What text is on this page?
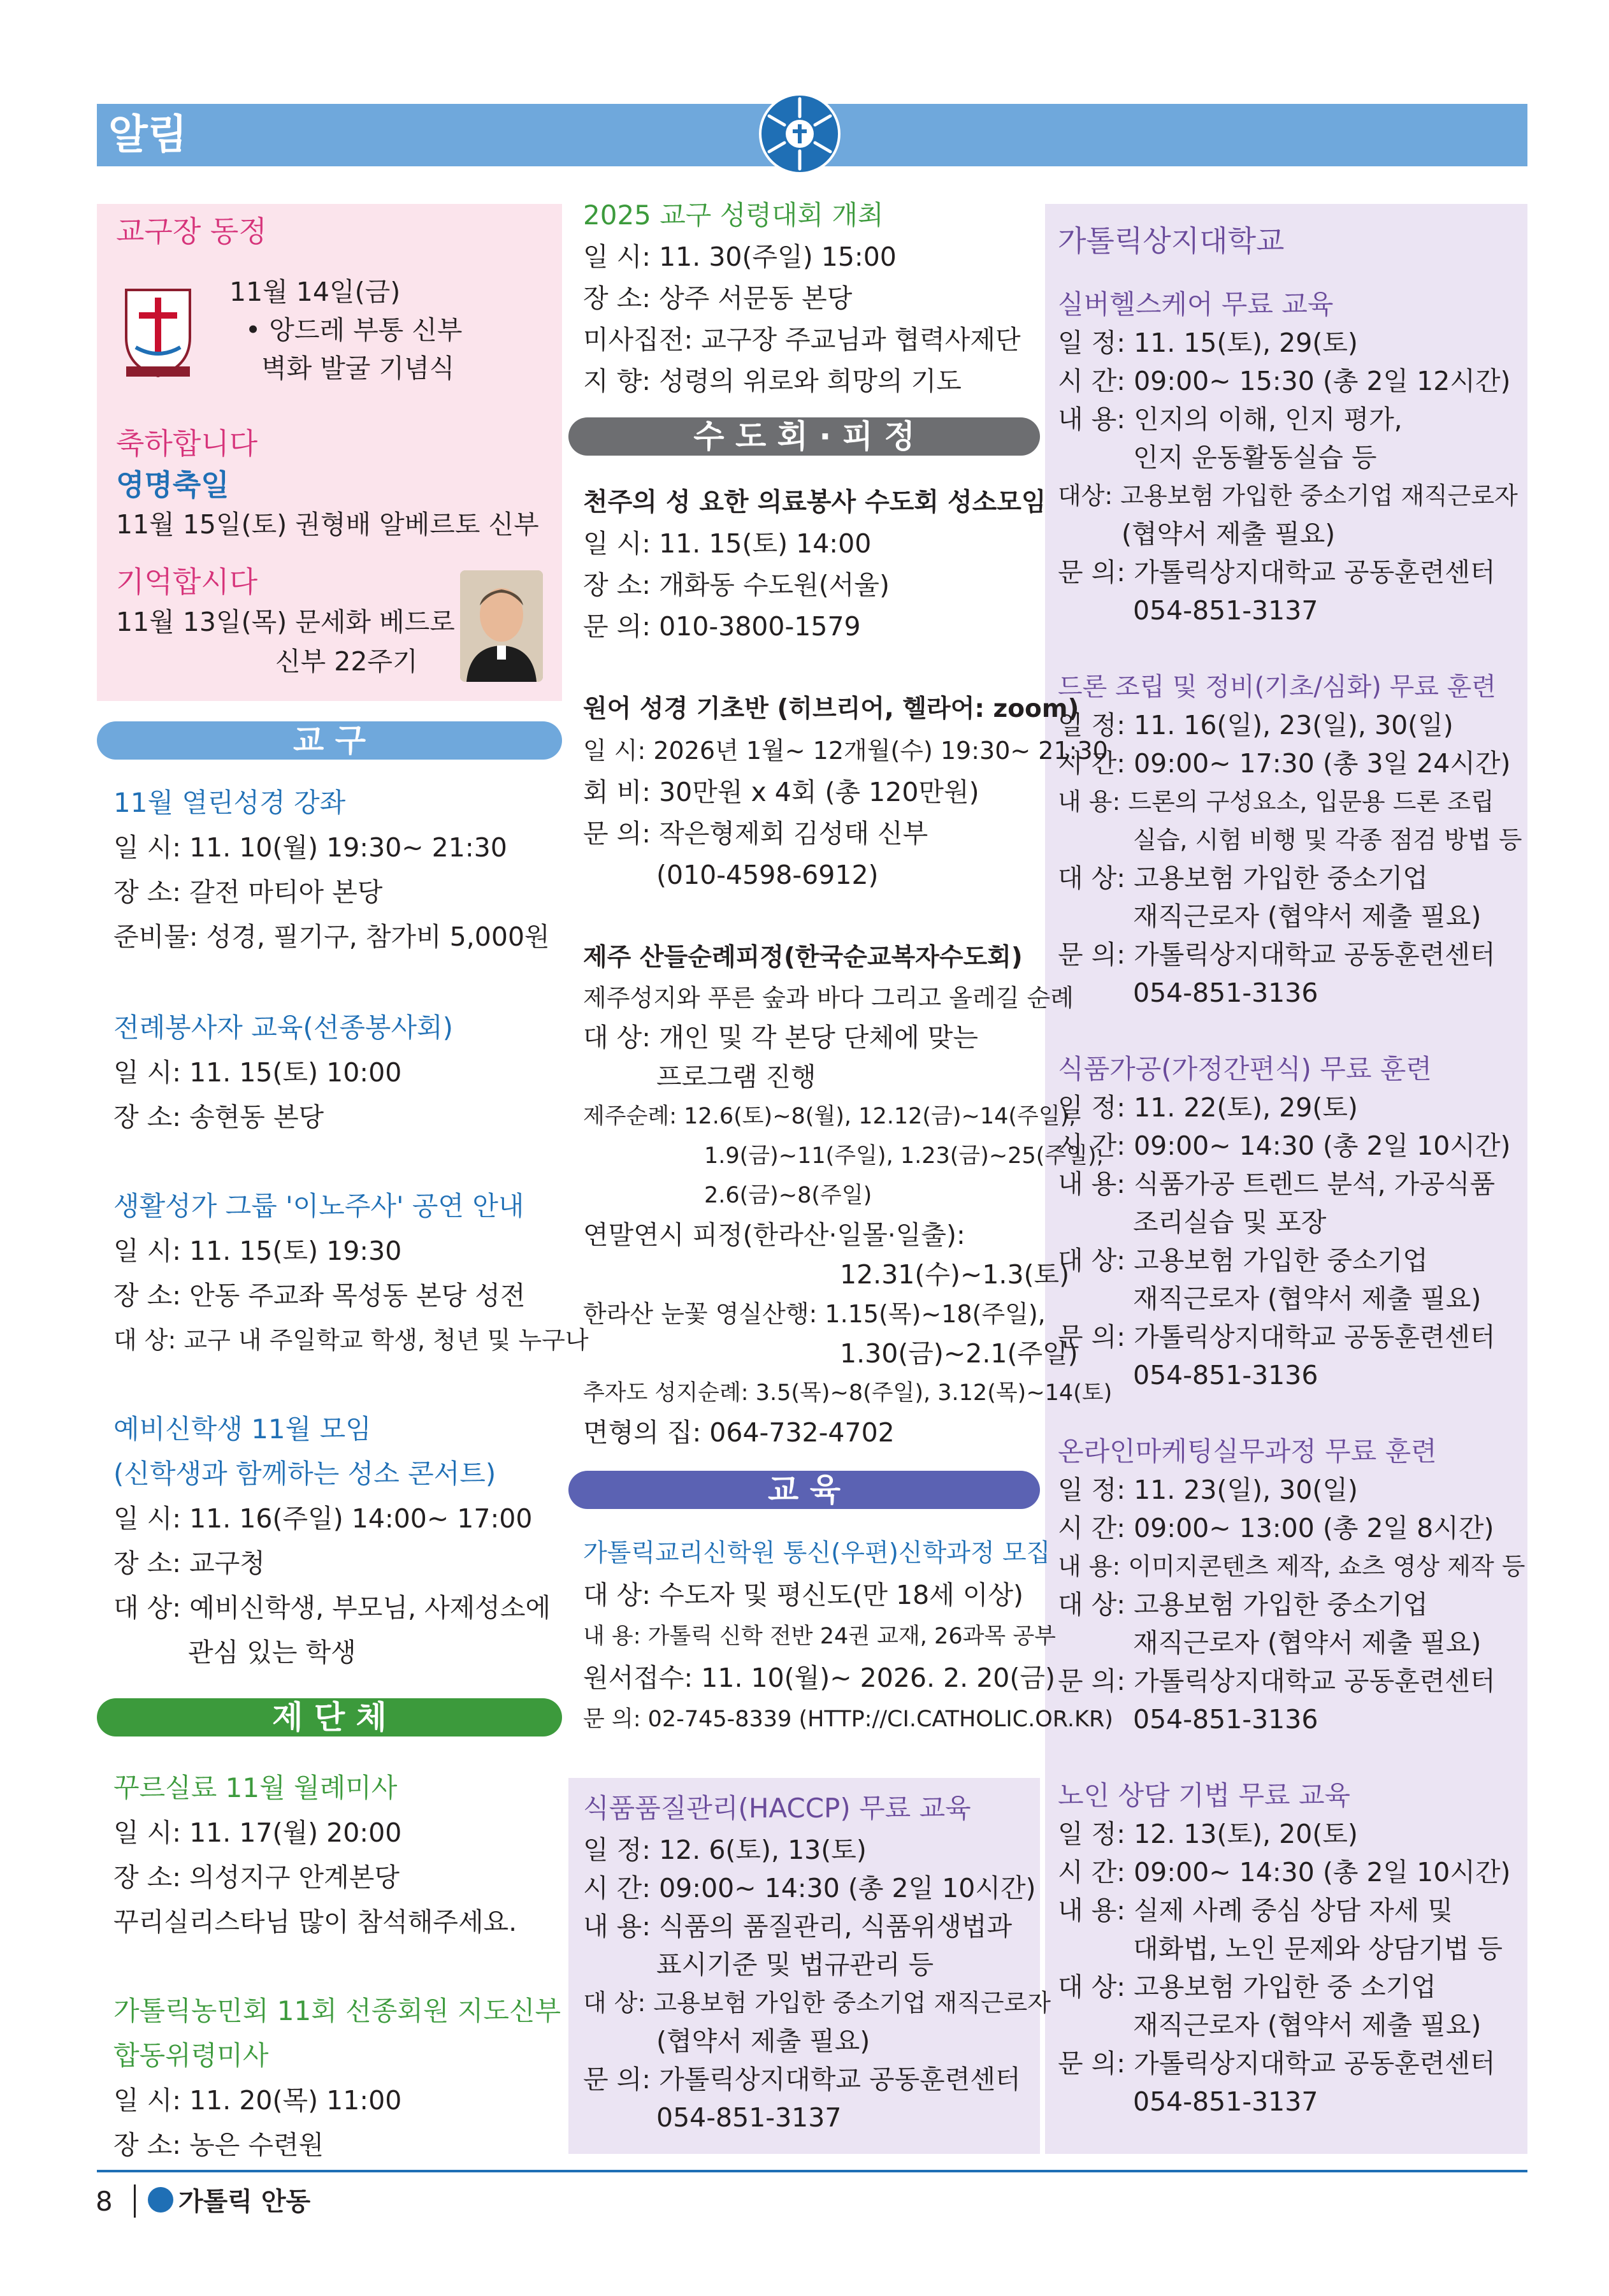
알림
교구장 동정
11월 14일(금)
• 앙드레 부통 신부
벽화 발굴 기념식
축하합니다
영명축일
11월 15일(토) 권형배 알베르토 신부
기억합시다
11월 13일(목) 문세화 베드로
신부 22주기
교 구
11월 열린성경 강좌
일 시: 11. 10(월) 19:30~ 21:30
장 소: 갈전 마티아 본당
준비물: 성경, 필기구, 참가비 5,000원
전례봉사자 교육(선종봉사회)
일 시: 11. 15(토) 10:00
장 소: 송현동 본당
생활성가 그룹 '이노주사' 공연 안내
일 시: 11. 15(토) 19:30
장 소: 안동 주교좌 목성동 본당 성전
대 상: 교구 내 주일학교 학생, 청년 및 누구나
예비신학생 11월 모임
(신학생과 함께하는 성소 콘서트)
일 시: 11. 16(주일) 14:00~ 17:00
장 소: 교구청
대 상: 예비신학생, 부모님, 사제성소에
관심 있는 학생
제 단 체
꾸르실료 11월 월례미사
일 시: 11. 17(월) 20:00
장 소: 의성지구 안계본당
꾸리실리스타님 많이 참석해주세요.
가톨릭농민회 11회 선종회원 지도신부
합동위령미사
일 시: 11. 20(목) 11:00
장 소: 농은 수련원
2025 교구 성령대회 개최
일 시: 11. 30(주일) 15:00
장 소: 상주 서문동 본당
미사집전: 교구장 주교님과 협력사제단
지 향: 성령의 위로와 희망의 기도
수 도 회 · 피 정
천주의 성 요한 의료봉사 수도회 성소모임
일 시: 11. 15(토) 14:00
장 소: 개화동 수도원(서울)
문 의: 010-3800-1579
원어 성경 기초반 (히브리어, 헬라어: zoom)
일 시: 2026년 1월~ 12개월(수) 19:30~ 21:30
회 비: 30만원 x 4회 (총 120만원)
문 의: 작은형제회 김성태 신부
(010-4598-6912)
제주 산들순례피정(한국순교복자수도회)
제주성지와 푸른 숲과 바다 그리고 올레길 순례
대 상: 개인 및 각 본당 단체에 맞는
프로그램 진행
제주순례: 12.6(토)~8(월), 12.12(금)~14(주일),
1.9(금)~11(주일), 1.23(금)~25(주일),
2.6(금)~8(주일)
연말연시 피정(한라산·일몰·일출):
12.31(수)~1.3(토)
한라산 눈꽃 영실산행: 1.15(목)~18(주일),
1.30(금)~2.1(주일)
추자도 성지순례: 3.5(목)~8(주일), 3.12(목)~14(토)
면형의 집: 064-732-4702
교 육
가톨릭교리신학원 통신(우편)신학과정 모집
대 상: 수도자 및 평신도(만 18세 이상)
내 용: 가톨릭 신학 전반 24권 교재, 26과목 공부
원서접수: 11. 10(월)~ 2026. 2. 20(금)
문 의: 02-745-8339 (HTTP://CI.CATHOLIC.OR.KR)
식품품질관리(HACCP) 무료 교육
일 정: 12. 6(토), 13(토)
시 간: 09:00~ 14:30 (총 2일 10시간)
내 용: 식품의 품질관리, 식품위생법과
표시기준 및 법규관리 등
대 상: 고용보험 가입한 중소기업 재직근로자
(협약서 제출 필요)
문 의: 가톨릭상지대학교 공동훈련센터
054-851-3137
가톨릭상지대학교
실버헬스케어 무료 교육
일 정: 11. 15(토), 29(토)
시 간: 09:00~ 15:30 (총 2일 12시간)
내 용: 인지의 이해, 인지 평가,
인지 운동활동실습 등
대상: 고용보험 가입한 중소기업 재직근로자
(협약서 제출 필요)
문 의: 가톨릭상지대학교 공동훈련센터
054-851-3137
드론 조립 및 정비(기초/심화) 무료 훈련
일 정: 11. 16(일), 23(일), 30(일)
시 간: 09:00~ 17:30 (총 3일 24시간)
내 용: 드론의 구성요소, 입문용 드론 조립
실습, 시험 비행 및 각종 점검 방법 등
대 상: 고용보험 가입한 중소기업
재직근로자 (협약서 제출 필요)
문 의: 가톨릭상지대학교 공동훈련센터
054-851-3136
식품가공(가정간편식) 무료 훈련
일 정: 11. 22(토), 29(토)
시 간: 09:00~ 14:30 (총 2일 10시간)
내 용: 식품가공 트렌드 분석, 가공식품
조리실습 및 포장
대 상: 고용보험 가입한 중소기업
재직근로자 (협약서 제출 필요)
문 의: 가톨릭상지대학교 공동훈련센터
054-851-3136
온라인마케팅실무과정 무료 훈련
일 정: 11. 23(일), 30(일)
시 간: 09:00~ 13:00 (총 2일 8시간)
내 용: 이미지콘텐츠 제작, 쇼츠 영상 제작 등
대 상: 고용보험 가입한 중소기업
재직근로자 (협약서 제출 필요)
문 의: 가톨릭상지대학교 공동훈련센터
054-851-3136
노인 상담 기법 무료 교육
일 정: 12. 13(토), 20(토)
시 간: 09:00~ 14:30 (총 2일 10시간)
내 용: 실제 사례 중심 상담 자세 및
대화법, 노인 문제와 상담기법 등
대 상: 고용보험 가입한 중 소기업
재직근로자 (협약서 제출 필요)
문 의: 가톨릭상지대학교 공동훈련센터
054-851-3137
8	가톨릭 안동
